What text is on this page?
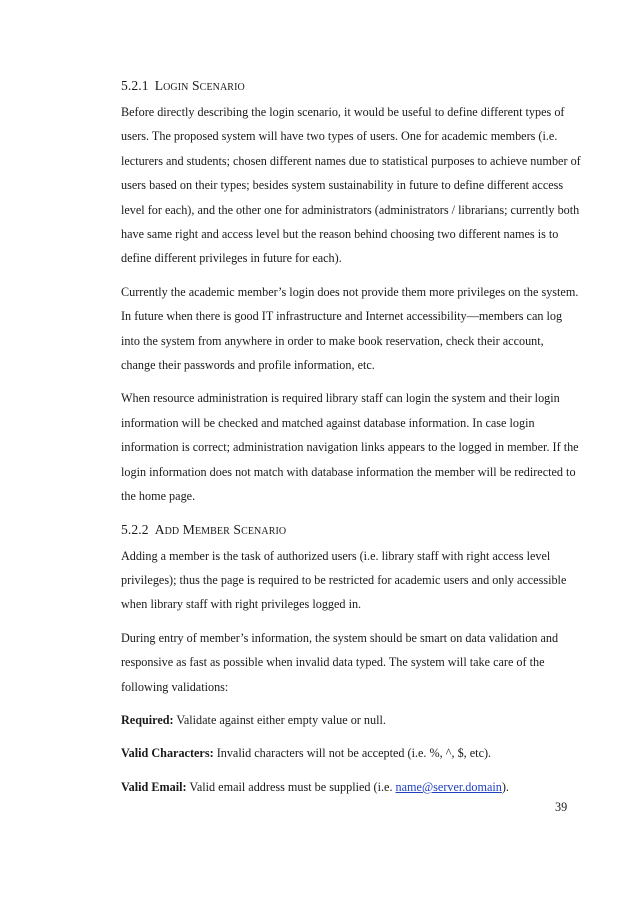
5.2.1 Login Scenario

Before directly describing the login scenario, it would be useful to define different types of users. The proposed system will have two types of users. One for academic members (i.e. lecturers and students; chosen different names due to statistical purposes to achieve number of users based on their types; besides system sustainability in future to define different access level for each), and the other one for administrators (administrators / librarians; currently both have same right and access level but the reason behind choosing two different names is to define different privileges in future for each).

Currently the academic member’s login does not provide them more privileges on the system. In future when there is good IT infrastructure and Internet accessibility—members can log into the system from anywhere in order to make book reservation, check their account, change their passwords and profile information, etc.

When resource administration is required library staff can login the system and their login information will be checked and matched against database information. In case login information is correct; administration navigation links appears to the logged in member. If the login information does not match with database information the member will be redirected to the home page.

5.2.2 Add Member Scenario

Adding a member is the task of authorized users (i.e. library staff with right access level privileges); thus the page is required to be restricted for academic users and only accessible when library staff with right privileges logged in.

During entry of member’s information, the system should be smart on data validation and responsive as fast as possible when invalid data typed. The system will take care of the following validations:

Required: Validate against either empty value or null.

Valid Characters: Invalid characters will not be accepted (i.e. %, ^, $, etc).

Valid Email: Valid email address must be supplied (i.e. name@server.domain).

39
